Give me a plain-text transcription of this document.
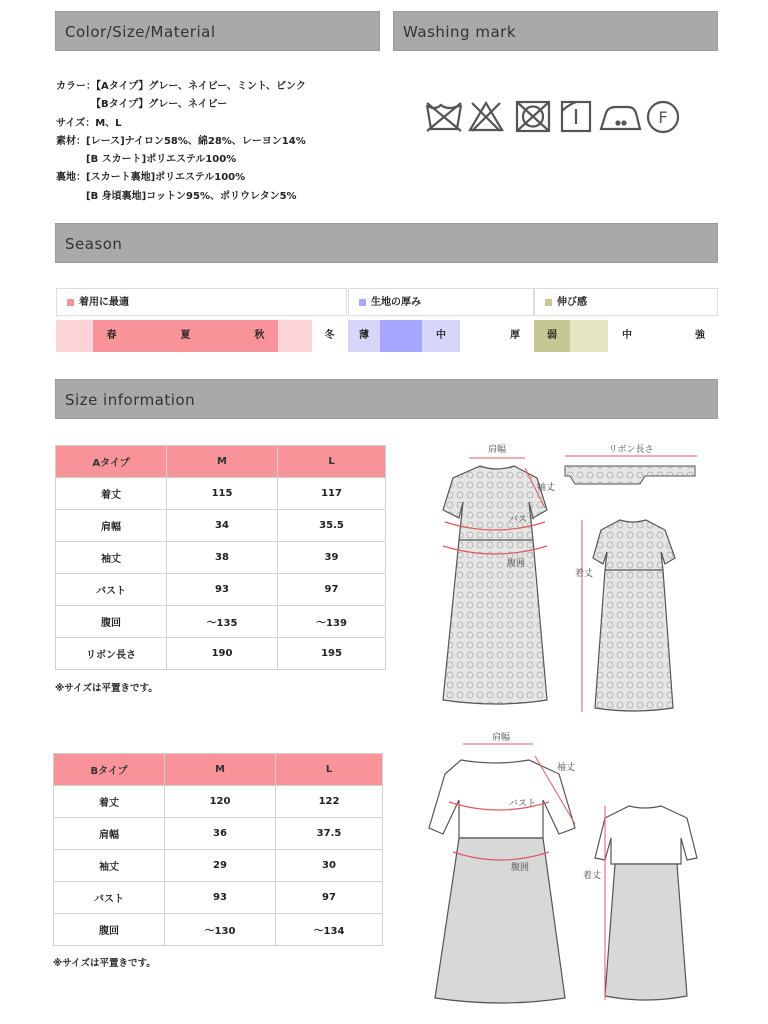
Color/Size/Material	Washing mark
Season
Size information
カラー：【Aタイプ】グレー、ネイビー、ミント、ピンク
　　　　【Bタイプ】グレー、ネイビー
サイズ：M、L
素材：[レース]ナイロン58%、綿28%、レーヨン14%
　　　[B スカート]ポリエステル100%
裏地：[スカート裏地]ポリエステル100%
　　　[B 身頃裏地]コットン95%、ポリウレタン5%
F
着用に最適	生地の厚み	伸び感
春	夏	秋	冬	薄	中	厚	弱	中	強
Aタイプ	M	L
着丈	115	117
肩幅	34	35.5
袖丈	38	39
バスト	93	97
腹回	～135	～139
リボン長さ	190	195
※サイズは平置きです。
Bタイプ	M	L
着丈	120	122
肩幅	36	37.5
袖丈	29	30
バスト	93	97
腹回	～130	～134
※サイズは平置きです。
肩幅
袖丈
バスト
腹囲
リボン長さ
着丈
肩幅
袖丈
バスト
腹囲
着丈
